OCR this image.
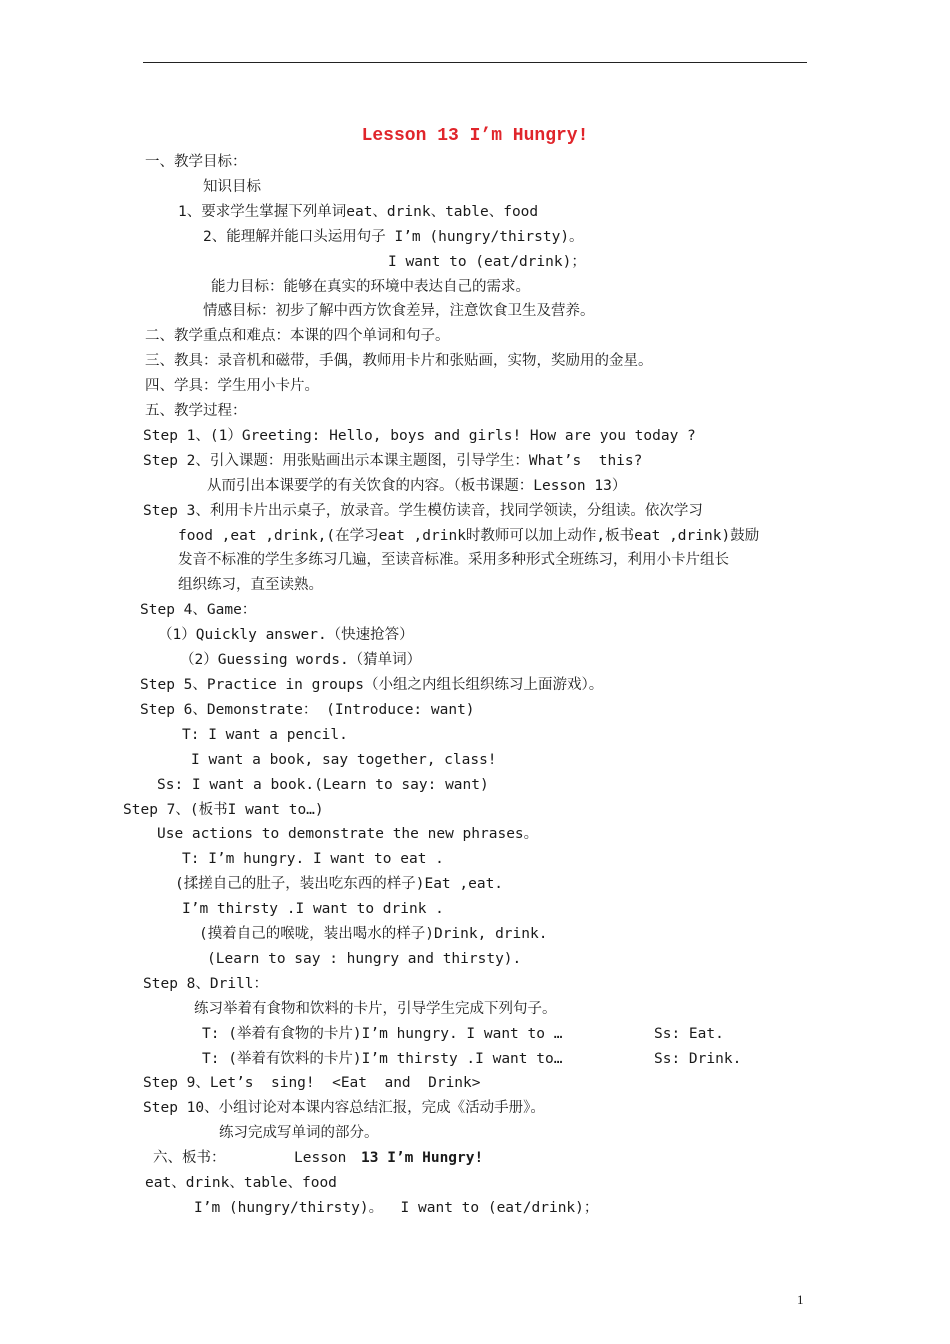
Lesson 13 I’m Hungry!
一、教学目标：
知识目标
1、要求学生掌握下列单词eat、drink、table、food
2、能理解并能口头运用句子 I’m (hungry/thirsty)。
I want to (eat/drink)；
能力目标：能够在真实的环境中表达自己的需求。
情感目标：初步了解中西方饮食差异，注意饮食卫生及营养。
二、教学重点和难点：本课的四个单词和句子。
三、教具：录音机和磁带，手偶，教师用卡片和张贴画，实物，奖励用的金星。
四、学具：学生用小卡片。
五、教学过程：
Step 1、(1）Greeting: Hello, boys and girls! How are you today ?
Step 2、引入课题：用张贴画出示本课主题图，引导学生：What’s  this?
从而引出本课要学的有关饮食的内容。（板书课题：Lesson 13）
Step 3、利用卡片出示桌子，放录音。学生模仿读音，找同学领读，分组读。依次学习
food ,eat ,drink,(在学习eat ,drink时教师可以加上动作,板书eat ,drink)鼓励
发音不标准的学生多练习几遍，至读音标准。采用多种形式全班练习，利用小卡片组长
组织练习，直至读熟。
Step 4、Game：
（1）Quickly answer.（快速抢答）
（2）Guessing words.（猜单词）
Step 5、Practice in groups（小组之内组长组织练习上面游戏）。
Step 6、Demonstrate： (Introduce: want)
T: I want a pencil.
I want a book, say together, class!
Ss: I want a book.(Learn to say: want)
Step 7、(板书I want to…)
Use actions to demonstrate the new phrases。
T: I’m hungry. I want to eat .
(揉搓自己的肚子，装出吃东西的样子)Eat ,eat.
I’m thirsty .I want to drink .
(摸着自己的喉咙，装出喝水的样子)Drink, drink.
(Learn to say : hungry and thirsty).
Step 8、Drill：
练习举着有食物和饮料的卡片，引导学生完成下列句子。
T: (举着有食物的卡片)I’m hungry. I want to …	Ss: Eat.
T: (举着有饮料的卡片)I’m thirsty .I want to…	Ss: Drink.
Step 9、Let’s  sing!  <Eat  and  Drink>
Step 10、小组讨论对本课内容总结汇报，完成《活动手册》。
练习完成写单词的部分。
六、板书：	Lesson 13 I’m Hungry!
eat、drink、table、food
I’m (hungry/thirsty)。  I want to (eat/drink)；
1
